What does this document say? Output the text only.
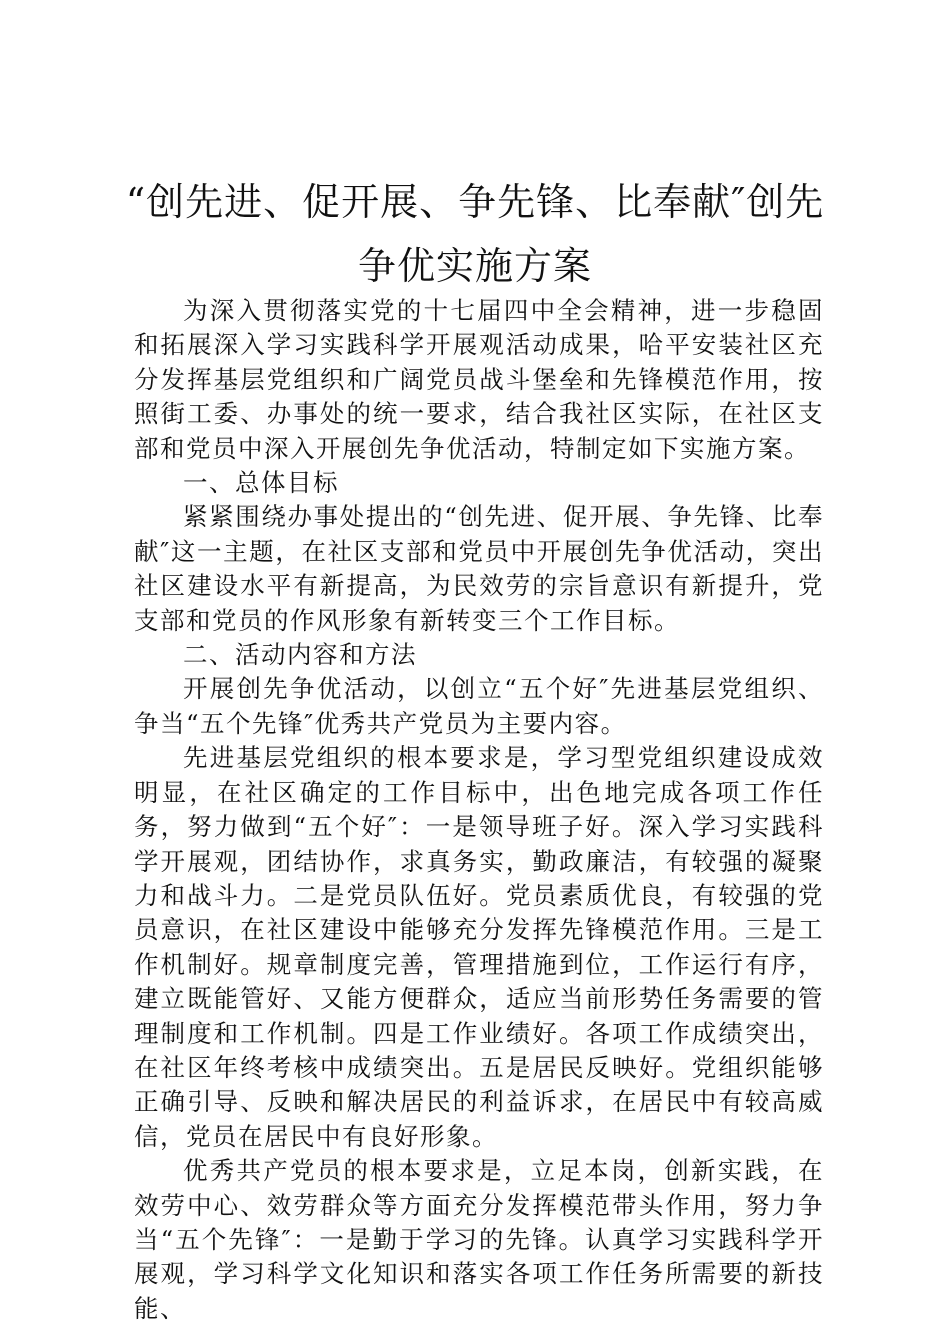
“创先进、促开展、争先锋、比奉献″创先争优实施方案

为深入贯彻落实党的十七届四中全会精神，进一步稳固和拓展深入学习实践科学开展观活动成果，哈平安装社区充分发挥基层党组织和广阔党员战斗堡垒和先锋模范作用，按照街工委、办事处的统一要求，结合我社区实际，在社区支部和党员中深入开展创先争优活动，特制定如下实施方案。

一、总体目标

紧紧围绕办事处提出的“创先进、促开展、争先锋、比奉献″这一主题，在社区支部和党员中开展创先争优活动，突出社区建设水平有新提高，为民效劳的宗旨意识有新提升，党支部和党员的作风形象有新转变三个工作目标。

二、活动内容和方法

开展创先争优活动，以创立“五个好″先进基层党组织、争当“五个先锋″优秀共产党员为主要内容。

先进基层党组织的根本要求是，学习型党组织建设成效明显，在社区确定的工作目标中，出色地完成各项工作任务，努力做到“五个好″：一是领导班子好。深入学习实践科学开展观，团结协作，求真务实，勤政廉洁，有较强的凝聚力和战斗力。二是党员队伍好。党员素质优良，有较强的党员意识，在社区建设中能够充分发挥先锋模范作用。三是工作机制好。规章制度完善，管理措施到位，工作运行有序，建立既能管好、又能方便群众，适应当前形势任务需要的管理制度和工作机制。四是工作业绩好。各项工作成绩突出，在社区年终考核中成绩突出。五是居民反映好。党组织能够正确引导、反映和解决居民的利益诉求，在居民中有较高威信，党员在居民中有良好形象。

优秀共产党员的根本要求是，立足本岗，创新实践，在效劳中心、效劳群众等方面充分发挥模范带头作用，努力争当“五个先锋″：一是勤于学习的先锋。认真学习实践科学开展观，学习科学文化知识和落实各项工作任务所需要的新技能、
